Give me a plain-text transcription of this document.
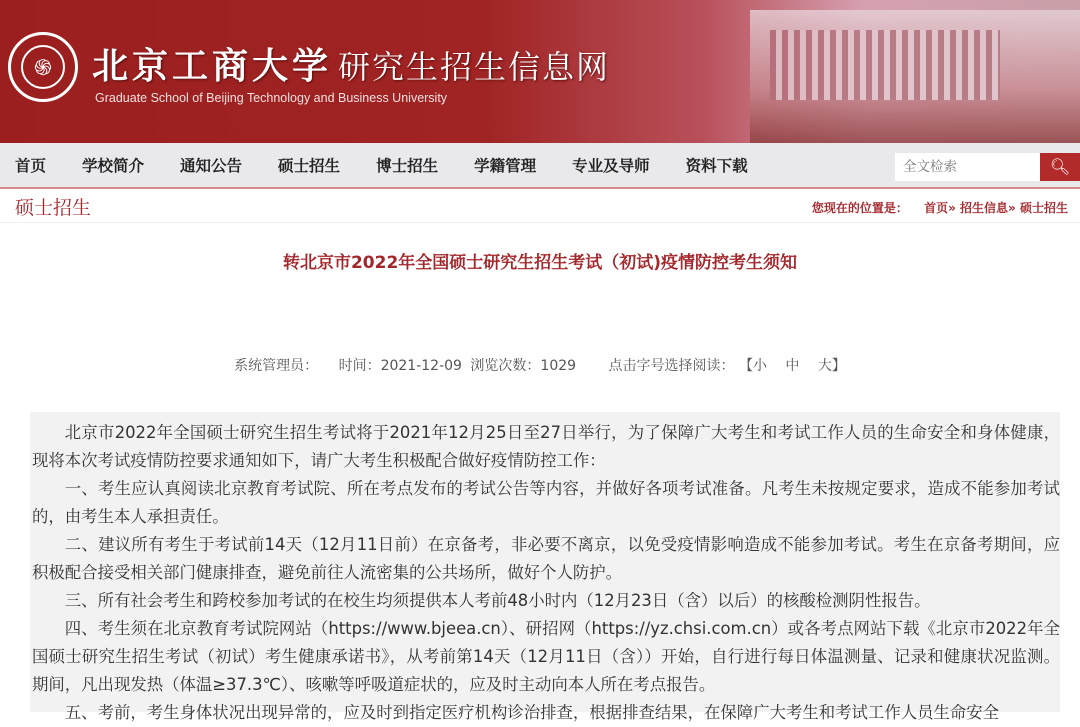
֍	北京工商大学 研究生招生信息网
Graduate School of Beijing Technology and Business University
首页 学校简介 通知公告 硕士招生 博士招生 学籍管理 专业及导师 资料下载
全文检索	🔍︎
硕士招生	您现在的位置是： 首页» 招生信息» 硕士招生
转北京市2022年全国硕士研究生招生考试（初试)疫情防控考生须知
系统管理员： 时间：2021-12-09 浏览次数：1029 点击字号选择阅读： 【小　 中　 大】

北京市2022年全国硕士研究生招生考试将于2021年12月25日至27日举行，为了保障广大考生和考试工作人员的生命安全和身体健康，现将本次考试疫情防控要求通知如下，请广大考生积极配合做好疫情防控工作：

一、考生应认真阅读北京教育考试院、所在考点发布的考试公告等内容，并做好各项考试准备。凡考生未按规定要求，造成不能参加考试的，由考生本人承担责任。

二、建议所有考生于考试前14天（12月11日前）在京备考，非必要不离京，以免受疫情影响造成不能参加考试。考生在京备考期间，应积极配合接受相关部门健康排查，避免前往人流密集的公共场所，做好个人防护。

三、所有社会考生和跨校参加考试的在校生均须提供本人考前48小时内（12月23日（含）以后）的核酸检测阴性报告。

四、考生须在北京教育考试院网站（https://www.bjeea.cn）、研招网（https://yz.chsi.com.cn）或各考点网站下载《北京市2022年全国硕士研究生招生考试（初试）考生健康承诺书》，从考前第14天（12月11日（含））开始，自行进行每日体温测量、记录和健康状况监测。期间，凡出现发热（体温≥37.3℃）、咳嗽等呼吸道症状的，应及时主动向本人所在考点报告。

五、考前，考生身体状况出现异常的，应及时到指定医疗机构诊治排查，根据排查结果，在保障广大考生和考试工作人员生命安全
